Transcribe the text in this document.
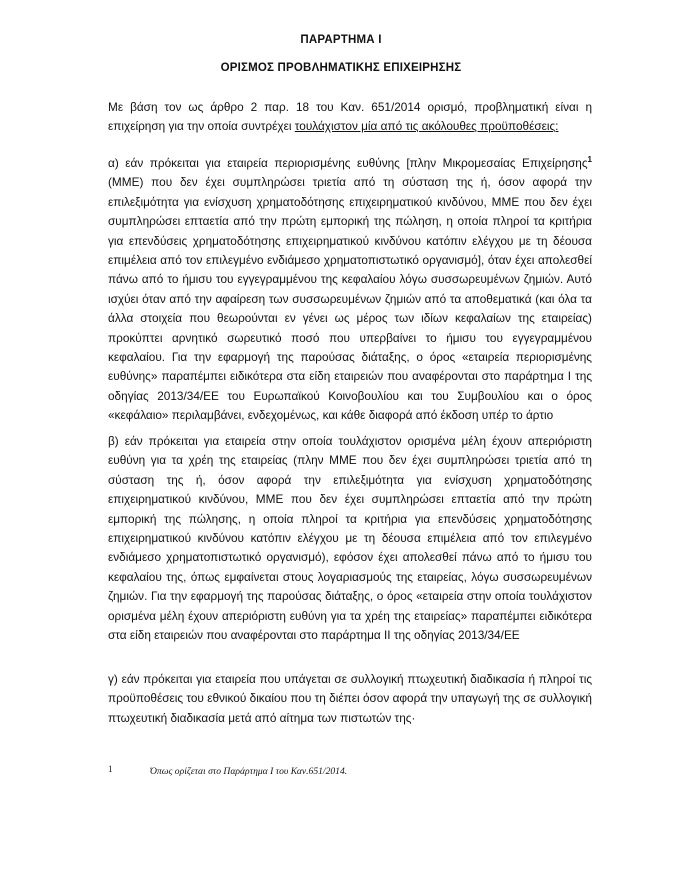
ΠΑΡΑΡΤΗΜΑ Ι
ΟΡΙΣΜΟΣ ΠΡΟΒΛΗΜΑΤΙΚΗΣ ΕΠΙΧΕΙΡΗΣΗΣ

Με βάση τον ως άρθρο 2 παρ. 18 του Καν. 651/2014 ορισμό, προβληματική είναι η επιχείρηση για την οποία συντρέχει τουλάχιστον μία από τις ακόλουθες προϋποθέσεις:

α) εάν πρόκειται για εταιρεία περιορισμένης ευθύνης [πλην Μικρομεσαίας Επιχείρησης$^1$ (ΜΜΕ) που δεν έχει συμπληρώσει τριετία από τη σύσταση της ή, όσον αφορά την επιλεξιμότητα για ενίσχυση χρηματοδότησης επιχειρηματικού κινδύνου, ΜΜΕ που δεν έχει συμπληρώσει επταετία από την πρώτη εμπορική της πώληση, η οποία πληροί τα κριτήρια για επενδύσεις χρηματοδότησης επιχειρηματικού κινδύνου κατόπιν ελέγχου με τη δέουσα επιμέλεια από τον επιλεγμένο ενδιάμεσο χρηματοπιστωτικό οργανισμό], όταν έχει απολεσθεί πάνω από το ήμισυ του εγγεγραμμένου της κεφαλαίου λόγω συσσωρευμένων ζημιών. Αυτό ισχύει όταν από την αφαίρεση των συσσωρευμένων ζημιών από τα αποθεματικά (και όλα τα άλλα στοιχεία που θεωρούνται εν γένει ως μέρος των ιδίων κεφαλαίων της εταιρείας) προκύπτει αρνητικό σωρευτικό ποσό που υπερβαίνει το ήμισυ του εγγεγραμμένου κεφαλαίου. Για την εφαρμογή της παρούσας διάταξης, ο όρος «εταιρεία περιορισμένης ευθύνης» παραπέμπει ειδικότερα στα είδη εταιρειών που αναφέρονται στο παράρτημα I της οδηγίας 2013/34/ΕΕ του Ευρωπαϊκού Κοινοβουλίου και του Συμβουλίου και ο όρος «κεφάλαιο» περιλαμβάνει, ενδεχομένως, και κάθε διαφορά από έκδοση υπέρ το άρτιο

β) εάν πρόκειται για εταιρεία στην οποία τουλάχιστον ορισμένα μέλη έχουν απεριόριστη ευθύνη για τα χρέη της εταιρείας (πλην ΜΜΕ που δεν έχει συμπληρώσει τριετία από τη σύσταση της ή, όσον αφορά την επιλεξιμότητα για ενίσχυση χρηματοδότησης επιχειρηματικού κινδύνου, ΜΜΕ που δεν έχει συμπληρώσει επταετία από την πρώτη εμπορική της πώλησης, η οποία πληροί τα κριτήρια για επενδύσεις χρηματοδότησης επιχειρηματικού κινδύνου κατόπιν ελέγχου με τη δέουσα επιμέλεια από τον επιλεγμένο ενδιάμεσο χρηματοπιστωτικό οργανισμό), εφόσον έχει απολεσθεί πάνω από το ήμισυ του κεφαλαίου της, όπως εμφαίνεται στους λογαριασμούς της εταιρείας, λόγω συσσωρευμένων ζημιών. Για την εφαρμογή της παρούσας διάταξης, ο όρος «εταιρεία στην οποία τουλάχιστον ορισμένα μέλη έχουν απεριόριστη ευθύνη για τα χρέη της εταιρείας» παραπέμπει ειδικότερα στα είδη εταιρειών που αναφέρονται στο παράρτημα II της οδηγίας 2013/34/ΕΕ

γ) εάν πρόκειται για εταιρεία που υπάγεται σε συλλογική πτωχευτική διαδικασία ή πληροί τις προϋποθέσεις του εθνικού δικαίου που τη διέπει όσον αφορά την υπαγωγή της σε συλλογική πτωχευτική διαδικασία μετά από αίτημα των πιστωτών της·

1	Όπως ορίζεται στο Παράρτημα Ι του Καν.651/2014.
